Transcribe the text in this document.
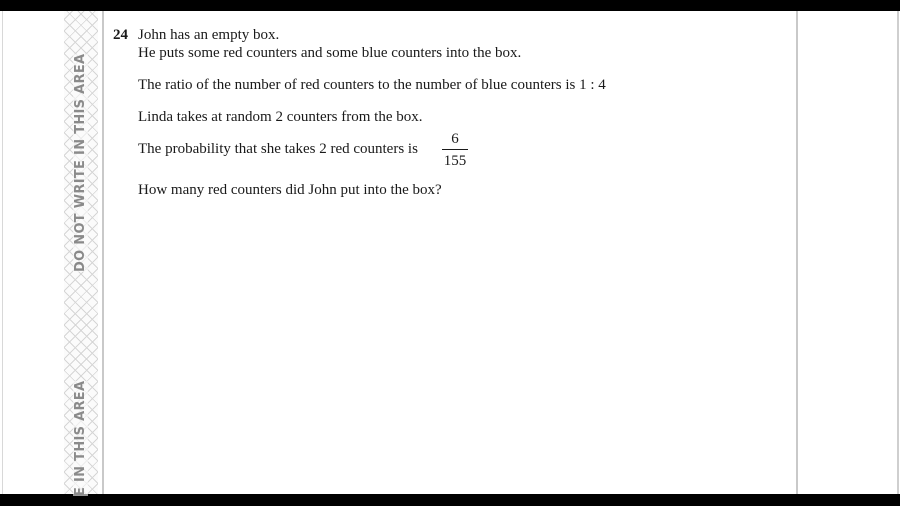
DO NOT WRITE IN THIS AREA
E IN THIS AREA
24 John has an empty box.
He puts some red counters and some blue counters into the box.
The ratio of the number of red counters to the number of blue counters is 1 : 4
Linda takes at random 2 counters from the box.
The probability that she takes 2 red counters is
6
155
How many red counters did John put into the box?
